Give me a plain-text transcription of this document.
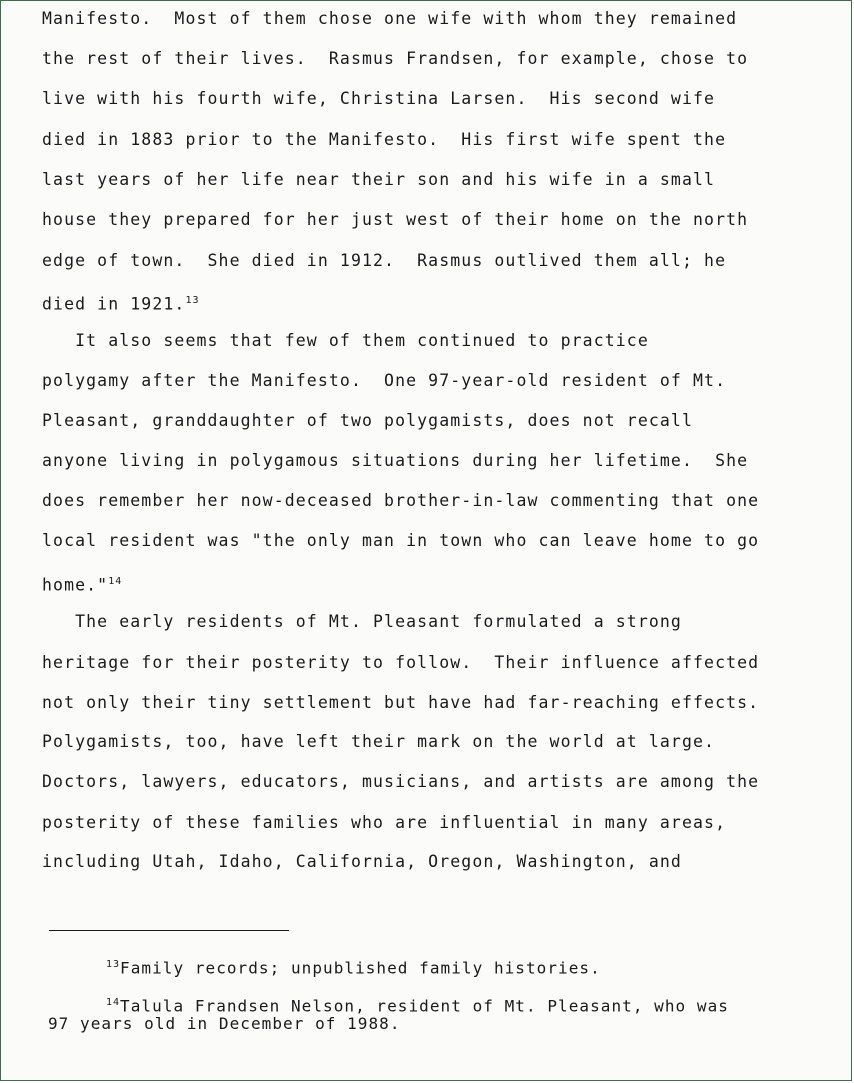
Manifesto.  Most of them chose one wife with whom they remained
the rest of their lives.  Rasmus Frandsen, for example, chose to
live with his fourth wife, Christina Larsen.  His second wife
died in 1883 prior to the Manifesto.  His first wife spent the
last years of her life near their son and his wife in a small
house they prepared for her just west of their home on the north
edge of town.  She died in 1912.  Rasmus outlived them all; he
died in 1921.13
It also seems that few of them continued to practice
polygamy after the Manifesto.  One 97-year-old resident of Mt.
Pleasant, granddaughter of two polygamists, does not recall
anyone living in polygamous situations during her lifetime.  She
does remember her now-deceased brother-in-law commenting that one
local resident was "the only man in town who can leave home to go
home."$^{14}$
The early residents of Mt. Pleasant formulated a strong
heritage for their posterity to follow.  Their influence affected
not only their tiny settlement but have had far-reaching effects.
Polygamists, too, have left their mark on the world at large.
Doctors, lawyers, educators, musicians, and artists are among the
posterity of these families who are influential in many areas,
including Utah, Idaho, California, Oregon, Washington, and
$^{13}$Family records; unpublished family histories.
$^{14}$Talula Frandsen Nelson, resident of Mt. Pleasant, who was
97 years old in December of 1988.
